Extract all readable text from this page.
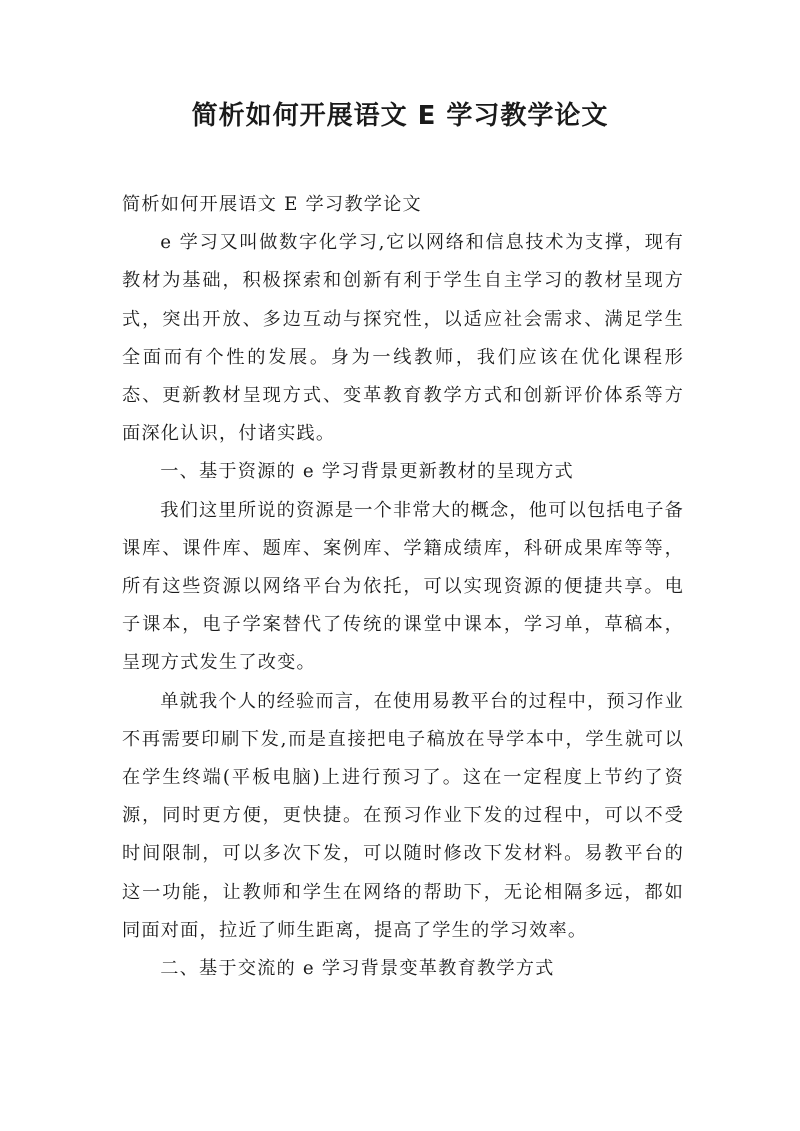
简析如何开展语文 E 学习教学论文

简析如何开展语文 E 学习教学论文

e 学习又叫做数字化学习,它以网络和信息技术为支撑，现有教材为基础，积极探索和创新有利于学生自主学习的教材呈现方式，突出开放、多边互动与探究性，以适应社会需求、满足学生全面而有个性的发展。身为一线教师，我们应该在优化课程形态、更新教材呈现方式、变革教育教学方式和创新评价体系等方面深化认识，付诸实践。

一、基于资源的 e 学习背景更新教材的呈现方式

我们这里所说的资源是一个非常大的概念，他可以包括电子备课库、课件库、题库、案例库、学籍成绩库，科研成果库等等，所有这些资源以网络平台为依托，可以实现资源的便捷共享。电子课本，电子学案替代了传统的课堂中课本，学习单，草稿本，呈现方式发生了改变。

单就我个人的经验而言，在使用易教平台的过程中，预习作业不再需要印刷下发,而是直接把电子稿放在导学本中，学生就可以在学生终端(平板电脑)上进行预习了。这在一定程度上节约了资源，同时更方便，更快捷。在预习作业下发的过程中，可以不受时间限制，可以多次下发，可以随时修改下发材料。易教平台的这一功能，让教师和学生在网络的帮助下，无论相隔多远，都如同面对面，拉近了师生距离，提高了学生的学习效率。

二、基于交流的 e 学习背景变革教育教学方式
